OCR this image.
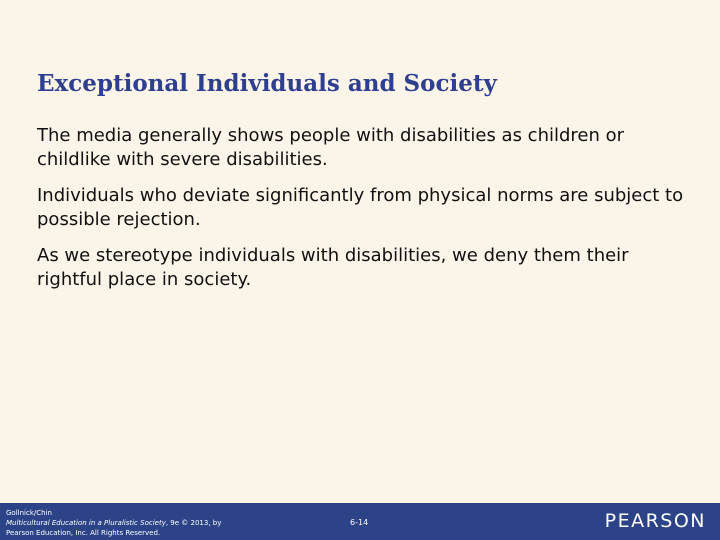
Exceptional Individuals and Society
The media generally shows people with disabilities as children or childlike with severe disabilities.
Individuals who deviate significantly from physical norms are subject to possible rejection.
As we stereotype individuals with disabilities, we deny them their rightful place in society.
Gollnick/Chin
Multicultural Education in a Pluralistic Society, 9e © 2013, by
Pearson Education, Inc. All Rights Reserved.
6-14	PEARSON
